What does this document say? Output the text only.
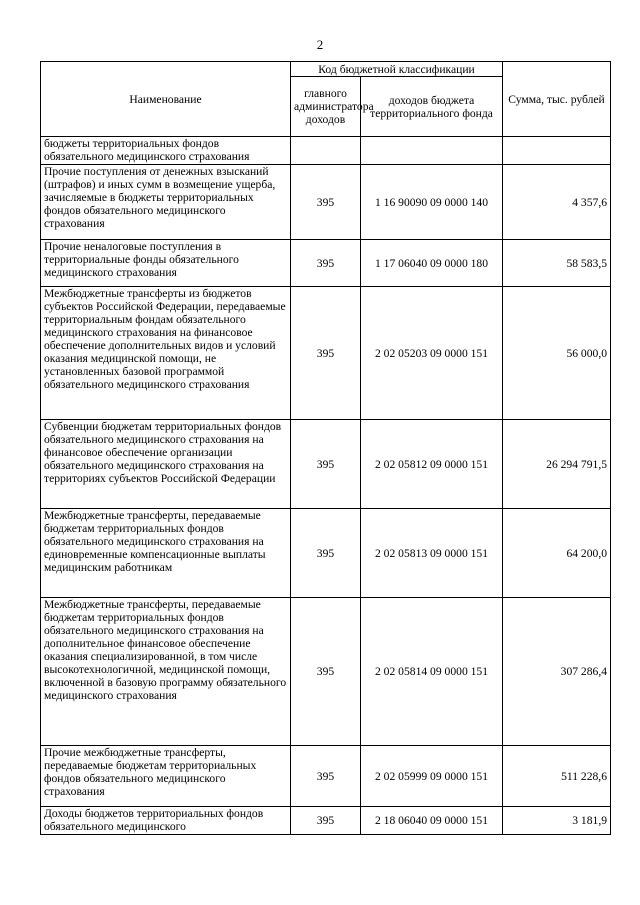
2
Наименование	Код бюджетной классификации		Сумма, тыс. рублей
	главного администратора доходов	доходов бюджета территориального фонда	
бюджеты территориальных фондов обязательного медицинского страхования			
Прочие поступления от денежных взысканий (штрафов) и иных сумм в возмещение ущерба, зачисляемые в бюджеты территориальных фондов обязательного медицинского страхования	395	1 16 90090 09 0000 140	4 357,6
Прочие неналоговые поступления в территориальные фонды обязательного медицинского страхования	395	1 17 06040 09 0000 180	58 583,5
Межбюджетные трансферты из бюджетов субъектов Российской Федерации, передаваемые территориальным фондам обязательного медицинского страхования на финансовое обеспечение дополнительных видов и условий оказания медицинской помощи, не установленных базовой программой обязательного медицинского страхования	395	2 02 05203 09 0000 151	56 000,0
Субвенции бюджетам территориальных фондов обязательного медицинского страхования на финансовое обеспечение организации обязательного медицинского страхования на территориях субъектов Российской Федерации	395	2 02 05812 09 0000 151	26 294 791,5
Межбюджетные трансферты, передаваемые бюджетам территориальных фондов обязательного медицинского страхования на единовременные компенсационные выплаты медицинским работникам	395	2 02 05813 09 0000 151	64 200,0
Межбюджетные трансферты, передаваемые бюджетам территориальных фондов обязательного медицинского страхования на дополнительное финансовое обеспечение оказания специализированной, в том числе высокотехнологичной, медицинской помощи, включенной в базовую программу обязательного медицинского страхования	395	2 02 05814 09 0000 151	307 286,4
Прочие межбюджетные трансферты, передаваемые бюджетам территориальных фондов обязательного медицинского страхования	395	2 02 05999 09 0000 151	511 228,6
Доходы бюджетов территориальных фондов обязательного медицинского	395	2 18 06040 09 0000 151	3 181,9
